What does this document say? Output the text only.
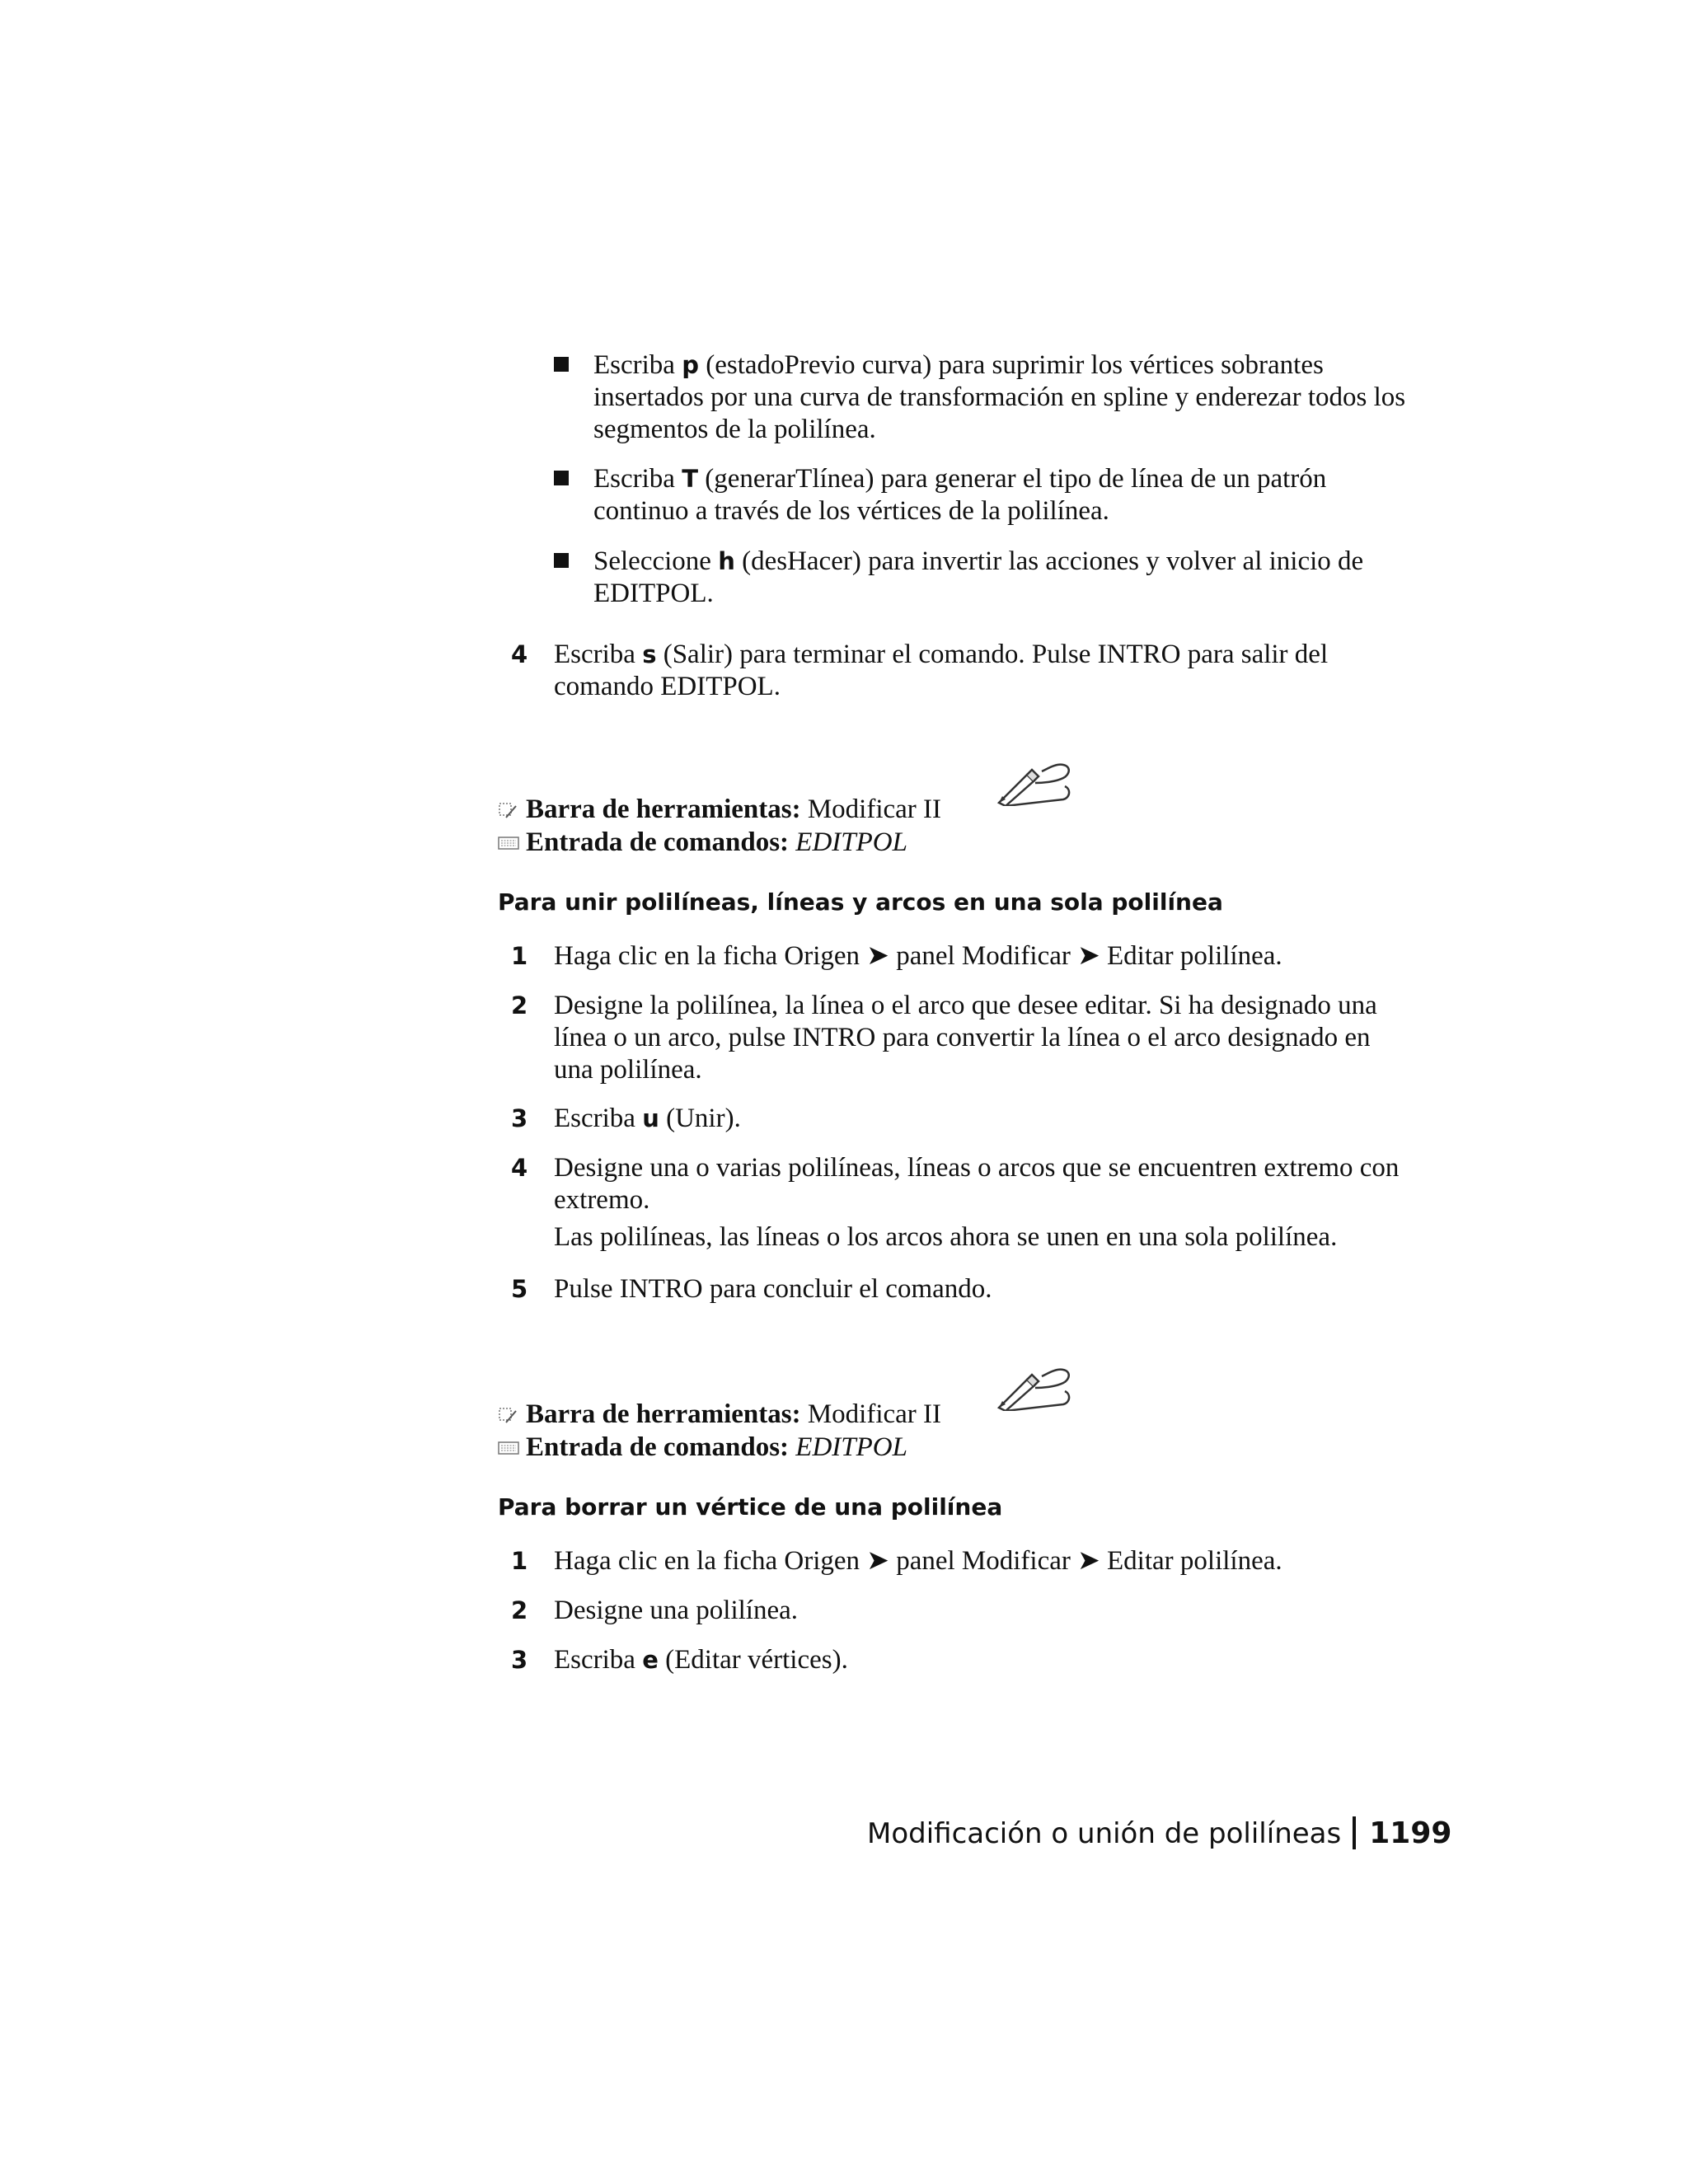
Escriba p (estadoPrevio curva) para suprimir los vértices sobrantes insertados por una curva de transformación en spline y enderezar todos los segmentos de la polilínea.
Escriba T (generarTlínea) para generar el tipo de línea de un patrón continuo a través de los vértices de la polilínea.
Seleccione h (desHacer) para invertir las acciones y volver al inicio de EDITPOL.
4 Escriba s (Salir) para terminar el comando. Pulse INTRO para salir del comando EDITPOL.
Barra de herramientas: Modificar II
Entrada de comandos: EDITPOL
Para unir polilíneas, líneas y arcos en una sola polilínea
1 Haga clic en la ficha Origen ➤ panel Modificar ➤ Editar polilínea.
2 Designe la polilínea, la línea o el arco que desee editar. Si ha designado una línea o un arco, pulse INTRO para convertir la línea o el arco designado en una polilínea.
3 Escriba u (Unir).
4 Designe una o varias polilíneas, líneas o arcos que se encuentren extremo con extremo.
Las polilíneas, las líneas o los arcos ahora se unen en una sola polilínea.
5 Pulse INTRO para concluir el comando.
Barra de herramientas: Modificar II
Entrada de comandos: EDITPOL
Para borrar un vértice de una polilínea
1 Haga clic en la ficha Origen ➤ panel Modificar ➤ Editar polilínea.
2 Designe una polilínea.
3 Escriba e (Editar vértices).
Modificación o unión de polilíneas 1199
